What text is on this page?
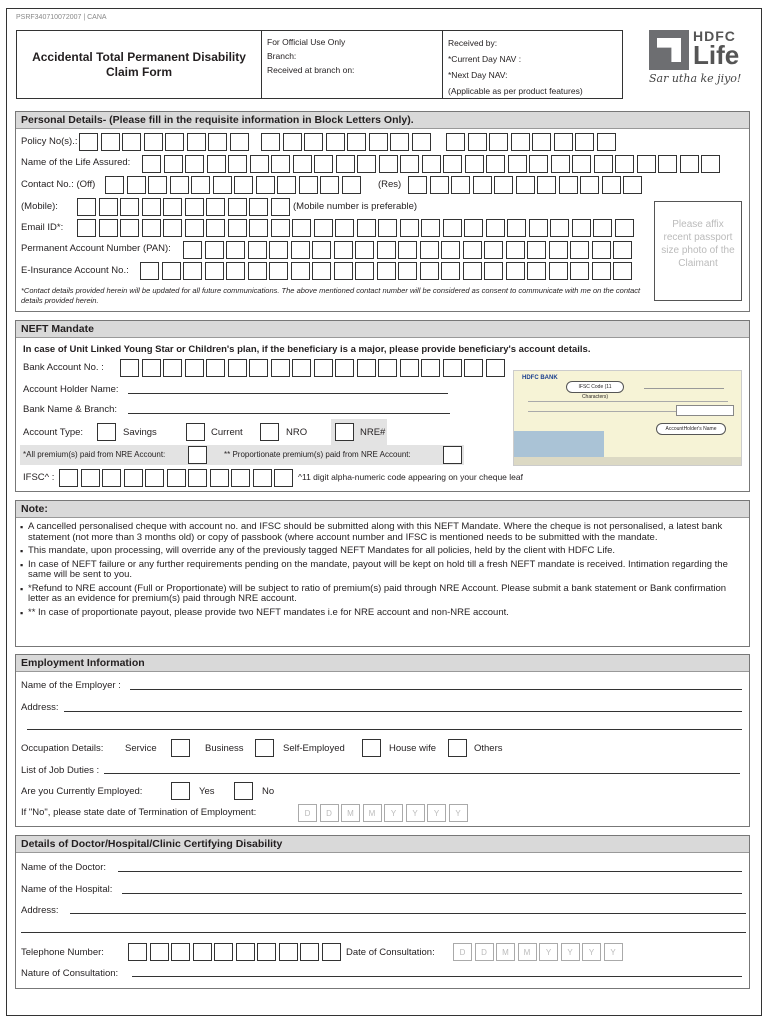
PSRF340710072007 | CANA
Accidental Total Permanent Disability
Claim Form
For Official Use Only
Branch:
Received at branch on:
Received by:
*Current Day NAV :
*Next Day NAV:
(Applicable as per product features)
HDFC
Life
Sar utha ke jiyo!
Personal Details- (Please fill in the requisite information in Block Letters Only).
Policy No(s).:
Name of the Life Assured:
Contact No.: (Off)	(Res)
(Mobile):	(Mobile number is preferable)
Email ID*:
Permanent Account Number (PAN):
E-Insurance Account No.:
*Contact details provided herein will be updated for all future communications. The above mentioned contact number will be considered as consent to communicate with me on the contact details provided herein.
Please affix recent passport size photo of the Claimant
NEFT Mandate
In case of Unit Linked Young Star or Children's plan, if the beneficiary is a major, please provide beneficiary's account details.
Bank Account No. :
Account Holder Name:
Bank Name & Branch:
Account Type:	Savings	Current	NRO	NRE#
*All premium(s) paid from NRE Account:	** Proportionate premium(s) paid from NRE Account:
IFSC^ :	^11 digit alpha-numeric code appearing on your cheque leaf
HDFC BANK
IFSC Code (11 Characters)
AccountHolder's Name
Note:
▪ A cancelled personalised cheque with account no. and IFSC should be submitted along with this NEFT Mandate. Where the cheque is not personalised, a latest bank statement (not more than 3 months old) or copy of passbook (where account number and IFSC is mentioned needs to be submitted with the mandate.
▪ This mandate, upon processing, will override any of the previously tagged NEFT Mandates for all policies, held by the client with HDFC Life.
▪ In case of NEFT failure or any further requirements pending on the mandate, payout will be kept on hold till a fresh NEFT mandate is received. Intimation regarding the same will be sent to you.
▪ *Refund to NRE account (Full or Proportionate) will be subject to ratio of premium(s) paid through NRE Account. Please submit a bank statement or Bank confirmation letter as an evidence for premium(s) paid through NRE account.
▪ ** In case of proportionate payout, please provide two NEFT mandates i.e for NRE account and non-NRE account.
Employment Information
Name of the Employer :
Address:
Occupation Details: Service	Business	Self-Employed	House wife	Others
List of Job Duties :
Are you Currently Employed:	Yes	No
If "No", please state date of Termination of Employment:	D	D	M	M	Y	Y	Y	Y
Details of Doctor/Hospital/Clinic Certifying Disability
Name of the Doctor:
Name of the Hospital:
Address:
Telephone Number:	Date of Consultation:	D	D	M	M	Y	Y	Y	Y
Nature of Consultation:
